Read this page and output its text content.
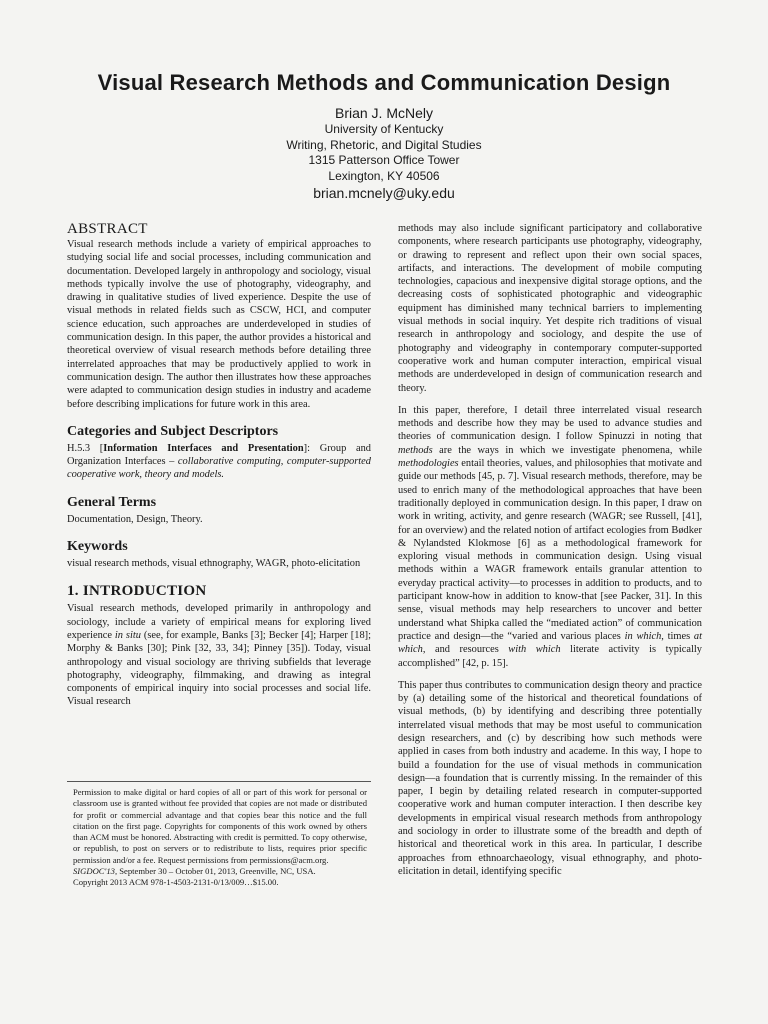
Visual Research Methods and Communication Design
Brian J. McNely
University of Kentucky
Writing, Rhetoric, and Digital Studies
1315 Patterson Office Tower
Lexington, KY 40506
brian.mcnely@uky.edu
ABSTRACT

Visual research methods include a variety of empirical approaches to studying social life and social processes, including communication and documentation. Developed largely in anthropology and sociology, visual methods typically involve the use of photography, videography, and drawing in qualitative studies of lived experience. Despite the use of visual methods in related fields such as CSCW, HCI, and computer science education, such approaches are underdeveloped in studies of communication design. In this paper, the author provides a historical and theoretical overview of visual research methods before detailing three interrelated approaches that may be productively applied to work in communication design. The author then illustrates how these approaches were adapted to communication design studies in industry and academe before describing implications for future work in this area.

Categories and Subject Descriptors

H.5.3 [Information Interfaces and Presentation]: Group and Organization Interfaces – collaborative computing, computer-supported cooperative work, theory and models.

General Terms

Documentation, Design, Theory.

Keywords

visual research methods, visual ethnography, WAGR, photo-elicitation

1. INTRODUCTION

Visual research methods, developed primarily in anthropology and sociology, include a variety of empirical means for exploring lived experience in situ (see, for example, Banks [3]; Becker [4]; Harper [18]; Morphy & Banks [30]; Pink [32, 33, 34]; Pinney [35]). Today, visual anthropology and visual sociology are thriving subfields that leverage photography, videography, filmmaking, and drawing as integral components of empirical inquiry into social processes and social life. Visual research

Permission to make digital or hard copies of all or part of this work for personal or classroom use is granted without fee provided that copies are not made or distributed for profit or commercial advantage and that copies bear this notice and the full citation on the first page. Copyrights for components of this work owned by others than ACM must be honored. Abstracting with credit is permitted. To copy otherwise, or republish, to post on servers or to redistribute to lists, requires prior specific permission and/or a fee. Request permissions from permissions@acm.org.

SIGDOC'13, September 30 – October 01, 2013, Greenville, NC, USA.

Copyright 2013 ACM 978-1-4503-2131-0/13/009…$15.00.

methods may also include significant participatory and collaborative components, where research participants use photography, videography, or drawing to represent and reflect upon their own social spaces, artifacts, and interactions. The development of mobile computing technologies, capacious and inexpensive digital storage options, and the decreasing costs of sophisticated photographic and videographic equipment has diminished many technical barriers to implementing visual methods in social inquiry. Yet despite rich traditions of visual research in anthropology and sociology, and despite the use of photography and videography in contemporary computer-supported cooperative work and human computer interaction, empirical visual methods are underdeveloped in design of communication research and theory.

In this paper, therefore, I detail three interrelated visual research methods and describe how they may be used to advance studies and theories of communication design. I follow Spinuzzi in noting that methods are the ways in which we investigate phenomena, while methodologies entail theories, values, and philosophies that motivate and guide our methods [45, p. 7]. Visual research methods, therefore, may be used to enrich many of the methodological approaches that have been traditionally deployed in communication design. In this paper, I draw on work in writing, activity, and genre research (WAGR; see Russell, [41], for an overview) and the related notion of artifact ecologies from Bødker & Nylandsted Klokmose [6] as a methodological framework for exploring visual methods in communication design. Using visual methods within a WAGR framework entails granular attention to everyday practical activity—to processes in addition to products, and to participant know-how in addition to know-that [see Packer, 31]. In this sense, visual methods may help researchers to uncover and better understand what Shipka called the “mediated action” of communication practice and design—the “varied and various places in which, times at which, and resources with which literate activity is typically accomplished” [42, p. 15].

This paper thus contributes to communication design theory and practice by (a) detailing some of the historical and theoretical foundations of visual methods, (b) by identifying and describing three potentially interrelated visual methods that may be most useful to communication design researchers, and (c) by describing how such methods were applied in cases from both industry and academe. In this way, I hope to build a foundation for the use of visual methods in communication design—a foundation that is currently missing. In the remainder of this paper, I begin by detailing related research in computer-supported cooperative work and human computer interaction. I then describe key developments in empirical visual research methods from anthropology and sociology in order to illustrate some of the breadth and depth of historical and theoretical work in this area. In particular, I describe approaches from ethnoarchaeology, visual ethnography, and photo-elicitation in detail, identifying specific
